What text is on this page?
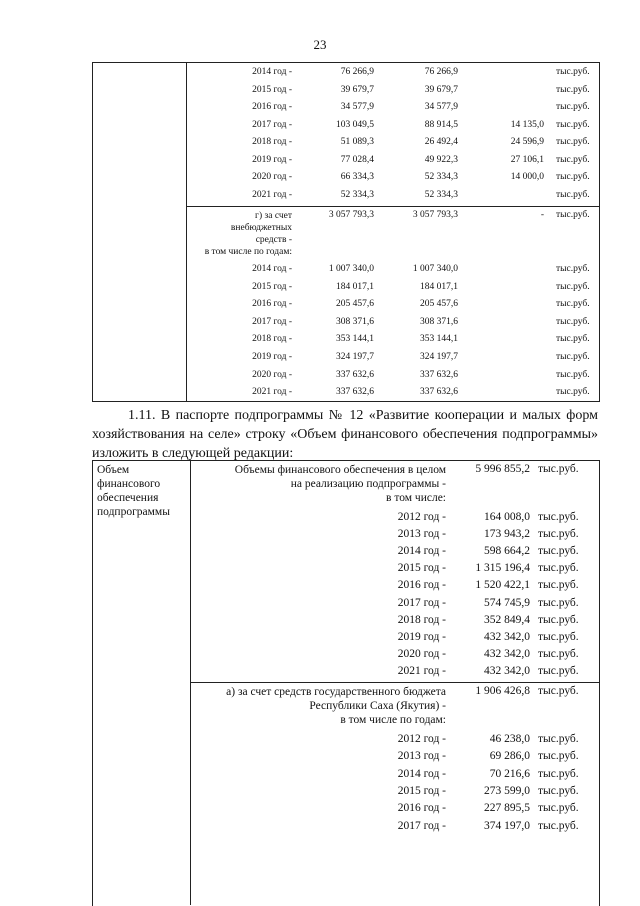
23
2014 год -	76 266,9	76 266,9	тыс.руб.
2015 год -	39 679,7	39 679,7	тыс.руб.
2016 год -	34 577,9	34 577,9	тыс.руб.
2017 год -	103 049,5	88 914,5	14 135,0 тыс.руб.
2018 год -	51 089,3	26 492,4	24 596,9 тыс.руб.
2019 год -	77 028,4	49 922,3	27 106,1 тыс.руб.
2020 год -	66 334,3	52 334,3	14 000,0 тыс.руб.
2021 год -	52 334,3	52 334,3	тыс.руб.
г) за счет
внебюджетных
средств -
в том числе по годам:
3 057 793,3	3 057 793,3	- тыс.руб.
2014 год -	1 007 340,0	1 007 340,0	тыс.руб.
2015 год -	184 017,1	184 017,1	тыс.руб.
2016 год -	205 457,6	205 457,6	тыс.руб.
2017 год -	308 371,6	308 371,6	тыс.руб.
2018 год -	353 144,1	353 144,1	тыс.руб.
2019 год -	324 197,7	324 197,7	тыс.руб.
2020 год -	337 632,6	337 632,6	тыс.руб.
2021 год -	337 632,6	337 632,6	тыс.руб.
1.11. В паспорте подпрограммы № 12 «Развитие кооперации и малых форм хозяйствования на селе» строку «Объем финансового обеспечения подпрограммы» изложить в следующей редакции:
Объем
финансового
обеспечения
подпрограммы
Объемы финансового обеспечения в целом
на реализацию подпрограммы -
в том числе:
5 996 855,2 тыс.руб.
2012 год -	164 008,0 тыс.руб.
2013 год -	173 943,2 тыс.руб.
2014 год -	598 664,2 тыс.руб.
2015 год -	1 315 196,4 тыс.руб.
2016 год -	1 520 422,1 тыс.руб.
2017 год -	574 745,9 тыс.руб.
2018 год -	352 849,4 тыс.руб.
2019 год -	432 342,0 тыс.руб.
2020 год -	432 342,0 тыс.руб.
2021 год -	432 342,0 тыс.руб.
а) за счет средств государственного бюджета
Республики Саха (Якутия) -
в том числе по годам:
1 906 426,8 тыс.руб.
2012 год -	46 238,0 тыс.руб.
2013 год -	69 286,0 тыс.руб.
2014 год -	70 216,6 тыс.руб.
2015 год -	273 599,0 тыс.руб.
2016 год -	227 895,5 тыс.руб.
2017 год -	374 197,0 тыс.руб.
